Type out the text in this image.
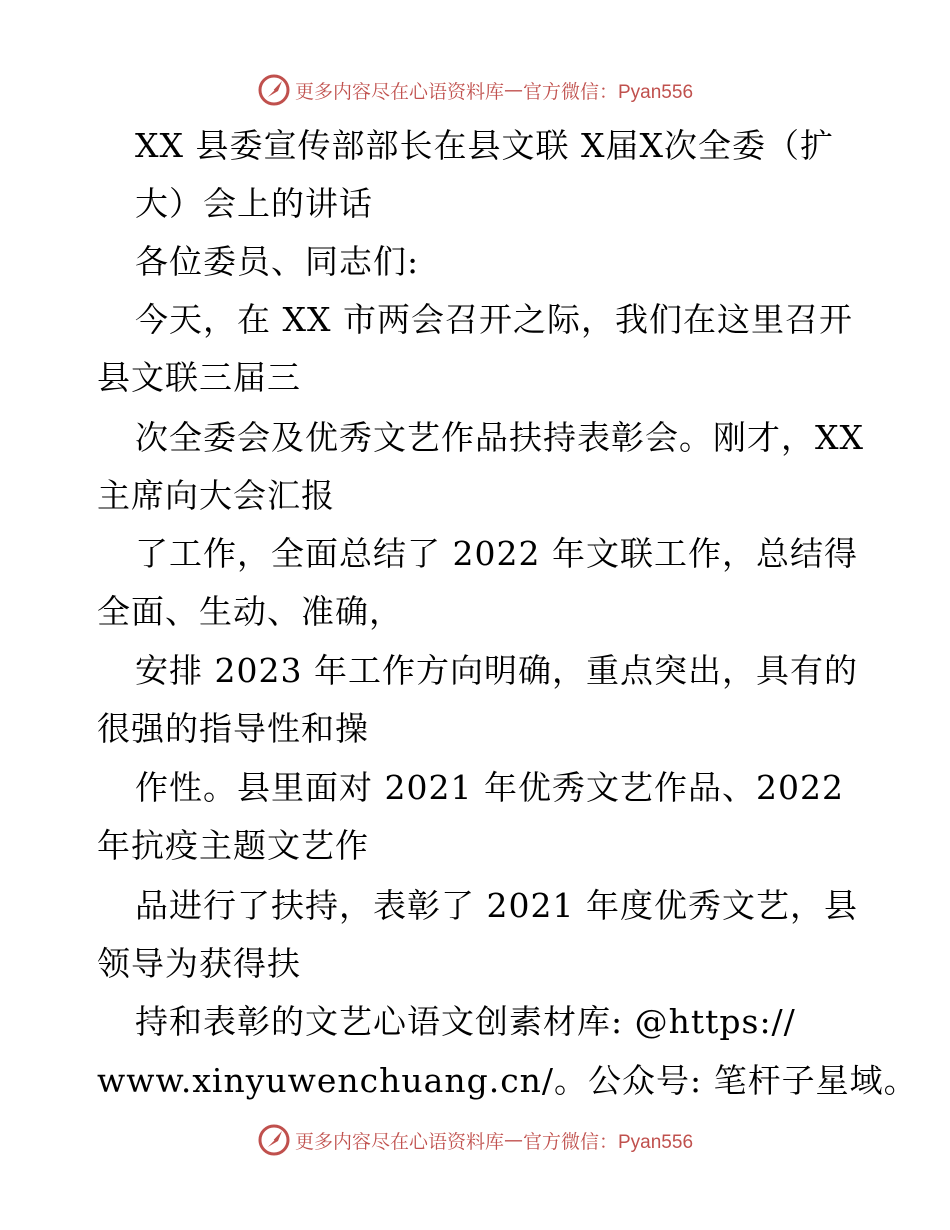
更多内容尽在心语资料库 — 官方微信：Pyan556
XX 县委宣传部部长在县文联 X届X次全委（扩
大）会上的讲话
各位委员、同志们:
今天，在 XX 市两会召开之际，我们在这里召开
县文联三届三
次全委会及优秀文艺作品扶持表彰会。刚才，XX
主席向大会汇报
了工作，全面总结了 2022 年文联工作，总结得
全面、生动、准确，
安排 2023 年工作方向明确，重点突出，具有的
很强的指导性和操
作性。县里面对 2021 年优秀文艺作品、2022
年抗疫主题文艺作
品进行了扶持，表彰了 2021 年度优秀文艺，县
领导为获得扶
持和表彰的文艺心语文创素材库: @https://
www.xinyuwenchuang.cn/。公众号: 笔杆子星域。
更多内容尽在心语资料库 — 官方微信：Pyan556
